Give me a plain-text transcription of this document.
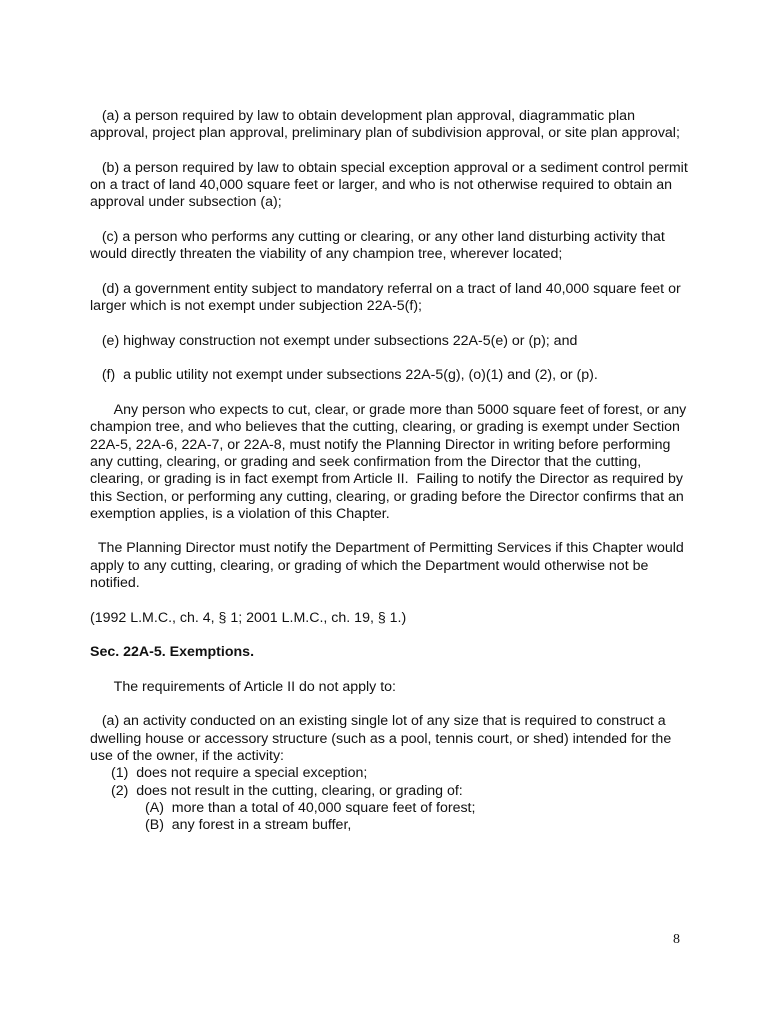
(a) a person required by law to obtain development plan approval, diagrammatic plan approval, project plan approval, preliminary plan of subdivision approval, or site plan approval;

(b) a person required by law to obtain special exception approval or a sediment control permit on a tract of land 40,000 square feet or larger, and who is not otherwise required to obtain an approval under subsection (a);

(c) a person who performs any cutting or clearing, or any other land disturbing activity that would directly threaten the viability of any champion tree, wherever located;

(d) a government entity subject to mandatory referral on a tract of land 40,000 square feet or larger which is not exempt under subjection 22A-5(f);

(e) highway construction not exempt under subsections 22A-5(e) or (p); and

(f)  a public utility not exempt under subsections 22A-5(g), (o)(1) and (2), or (p).

Any person who expects to cut, clear, or grade more than 5000 square feet of forest, or any champion tree, and who believes that the cutting, clearing, or grading is exempt under Section 22A-5, 22A-6, 22A-7, or 22A-8, must notify the Planning Director in writing before performing any cutting, clearing, or grading and seek confirmation from the Director that the cutting, clearing, or grading is in fact exempt from Article II.  Failing to notify the Director as required by this Section, or performing any cutting, clearing, or grading before the Director confirms that an exemption applies, is a violation of this Chapter.

The Planning Director must notify the Department of Permitting Services if this Chapter would apply to any cutting, clearing, or grading of which the Department would otherwise not be notified.

(1992 L.M.C., ch. 4, § 1; 2001 L.M.C., ch. 19, § 1.)

Sec. 22A-5. Exemptions.

The requirements of Article II do not apply to:

(a) an activity conducted on an existing single lot of any size that is required to construct a dwelling house or accessory structure (such as a pool, tennis court, or shed) intended for the use of the owner, if the activity:

(1)  does not require a special exception;
(2)  does not result in the cutting, clearing, or grading of:
(A)  more than a total of 40,000 square feet of forest;
(B)  any forest in a stream buffer,
8
